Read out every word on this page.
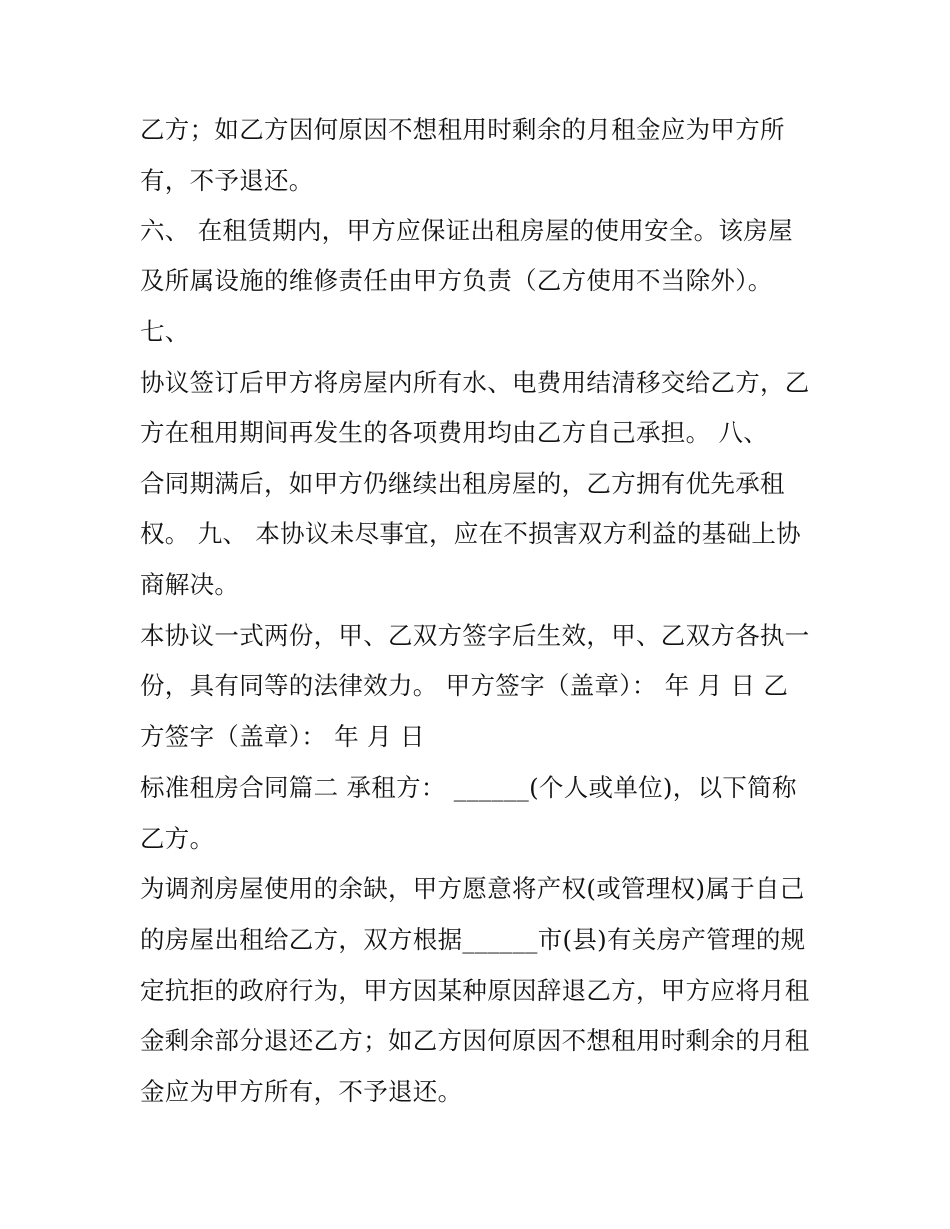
乙方；如乙方因何原因不想租用时剩余的月租金应为甲方所
有，不予退还。
六、 在租赁期内，甲方应保证出租房屋的使用安全。该房屋
及所属设施的维修责任由甲方负责（乙方使用不当除外）。
七、
协议签订后甲方将房屋内所有水、电费用结清移交给乙方，乙
方在租用期间再发生的各项费用均由乙方自己承担。 八、
合同期满后，如甲方仍继续出租房屋的，乙方拥有优先承租
权。 九、 本协议未尽事宜，应在不损害双方利益的基础上协
商解决。
本协议一式两份，甲、乙双方签字后生效，甲、乙双方各执一
份，具有同等的法律效力。 甲方签字（盖章）： 年 月 日 乙
方签字（盖章）： 年 月 日
标准租房合同篇二 承租方： ______(个人或单位)，以下简称
乙方。
为调剂房屋使用的余缺，甲方愿意将产权(或管理权)属于自己
的房屋出租给乙方，双方根据______市(县)有关房产管理的规
定抗拒的政府行为，甲方因某种原因辞退乙方，甲方应将月租
金剩余部分退还乙方；如乙方因何原因不想租用时剩余的月租
金应为甲方所有，不予退还。
